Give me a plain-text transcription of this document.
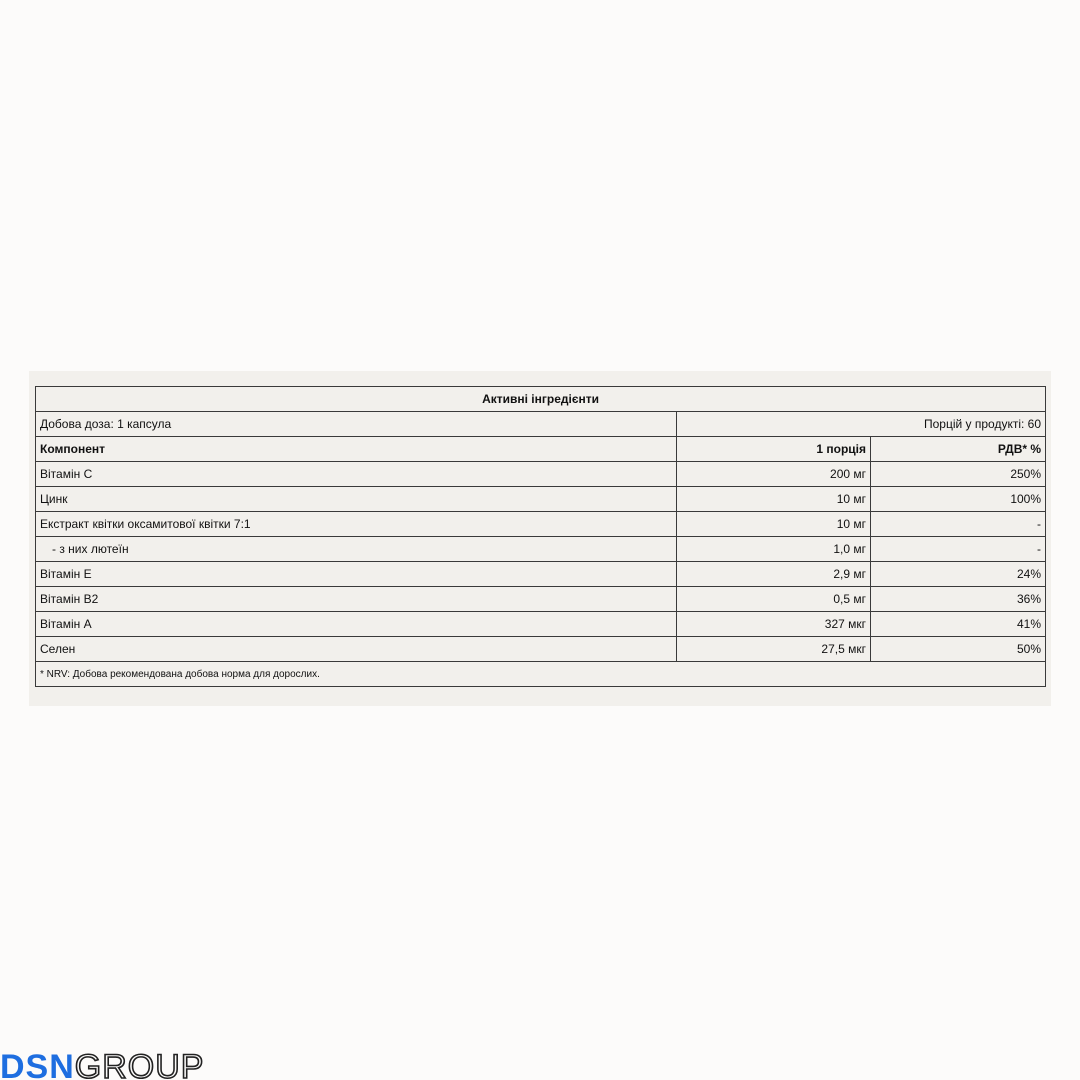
Активні інгредієнти		
Добова доза: 1 капсула	Порцій у продукті: 60	
Компонент	1 порція	РДВ* %
Вітамін С	200 мг	250%
Цинк	10 мг	100%
Екстракт квітки оксамитової квітки 7:1	10 мг	-
- з них лютеїн	1,0 мг	-
Вітамін Е	2,9 мг	24%
Вітамін В2	0,5 мг	36%
Вітамін А	327 мкг	41%
Селен	27,5 мкг	50%
* NRV: Добова рекомендована добова норма для дорослих.		
DSN GROUP
